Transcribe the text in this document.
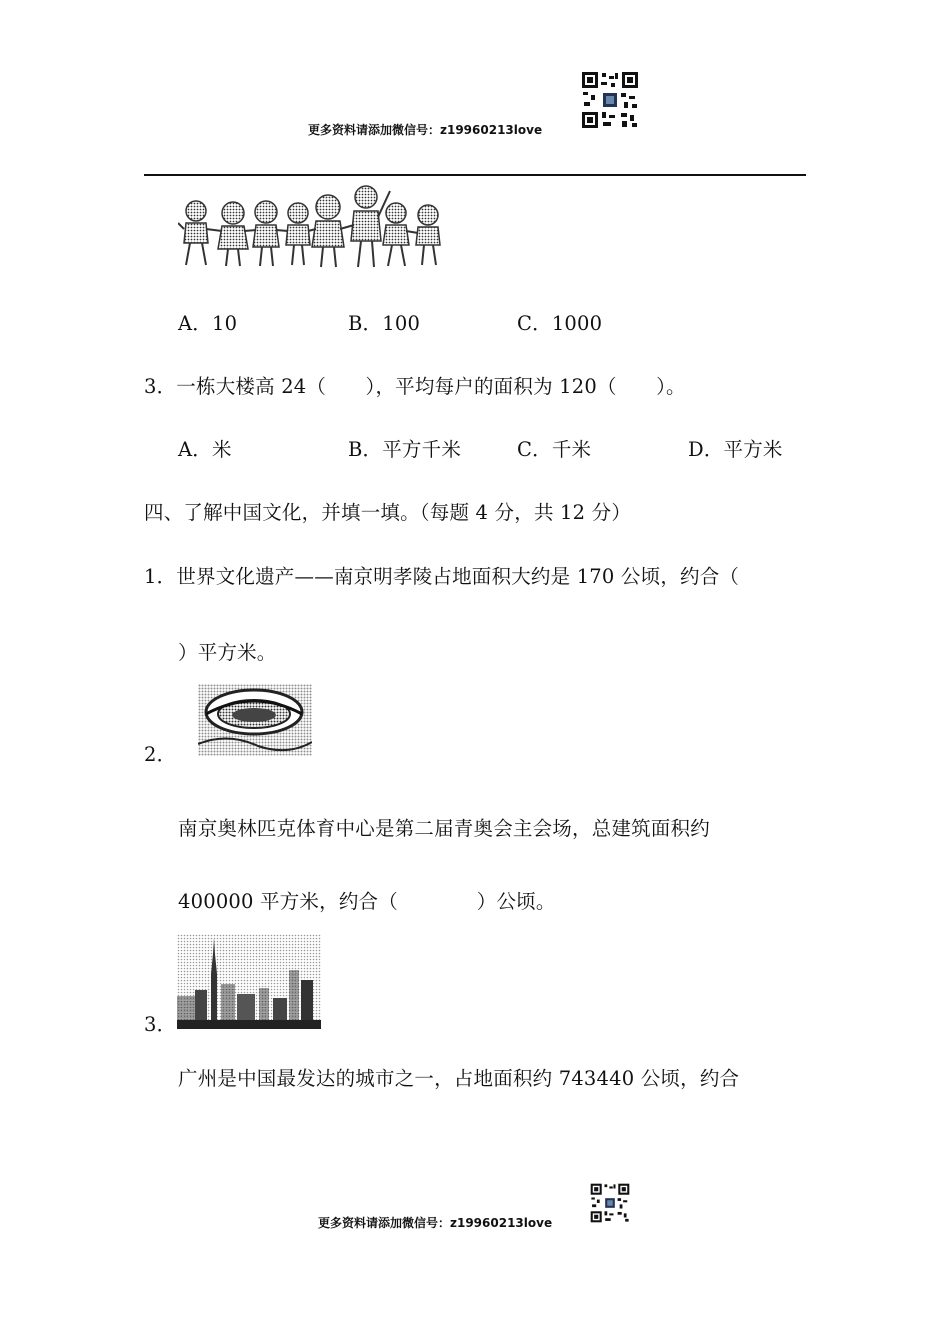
更多资料请添加微信号：z19960213love
A．10	B．100	C．1000
3．一栋大楼高 24（　　），平均每户的面积为 120（　　）。
A．米	B．平方千米	C．千米	D．平方米
四、了解中国文化，并填一填。（每题 4 分，共 12 分）
1．世界文化遗产——南京明孝陵占地面积大约是 170 公顷，约合（
）平方米。
2．
南京奥林匹克体育中心是第二届青奥会主会场，总建筑面积约
400000 平方米，约合（　　　　）公顷。
3．
广州是中国最发达的城市之一，占地面积约 743440 公顷，约合
更多资料请添加微信号：z19960213love
